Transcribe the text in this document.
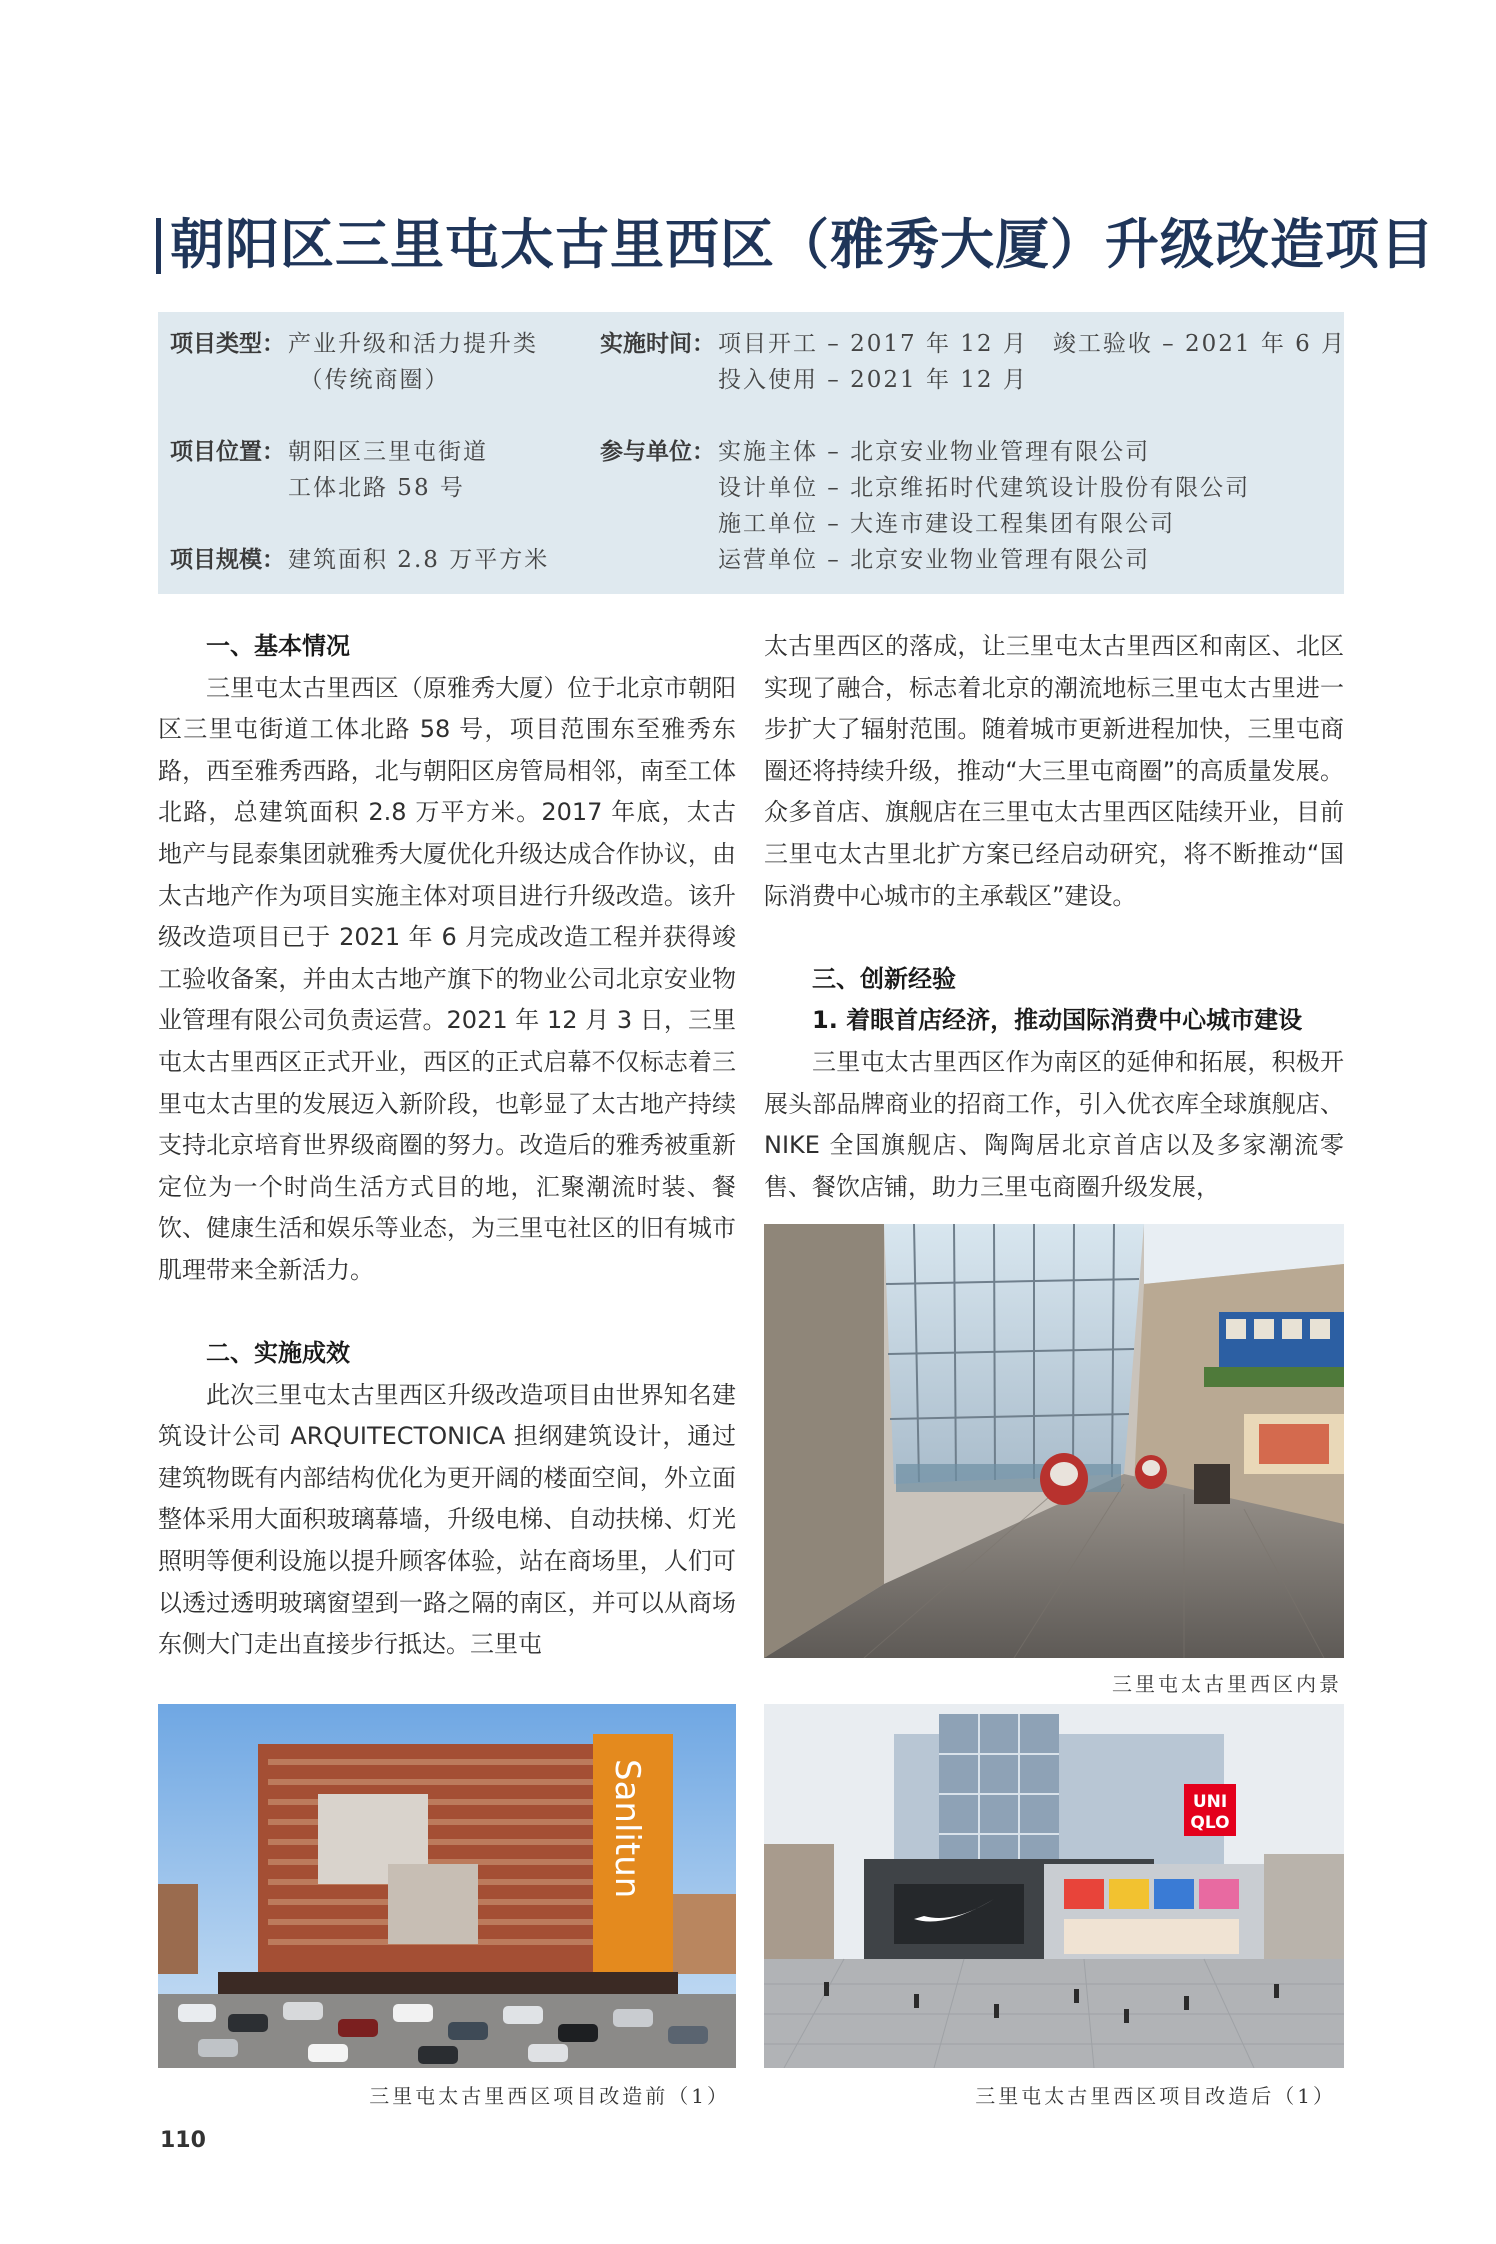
朝阳区三里屯太古里西区（雅秀大厦）升级改造项目
项目类型： 产业升级和活力提升类
（传统商圈）
实施时间： 项目开工 – 2017 年 12 月　竣工验收 – 2021 年 6 月
投入使用 – 2021 年 12 月
项目位置： 朝阳区三里屯街道
工体北路 58 号
参与单位： 实施主体 – 北京安业物业管理有限公司
设计单位 – 北京维拓时代建筑设计股份有限公司
施工单位 – 大连市建设工程集团有限公司
运营单位 – 北京安业物业管理有限公司
项目规模： 建筑面积 2.8 万平方米
一、基本情况

三里屯太古里西区（原雅秀大厦）位于北京市朝阳区三里屯街道工体北路 58 号，项目范围东至雅秀东路，西至雅秀西路，北与朝阳区房管局相邻，南至工体北路，总建筑面积 2.8 万平方米。2017 年底，太古地产与昆泰集团就雅秀大厦优化升级达成合作协议，由太古地产作为项目实施主体对项目进行升级改造。该升级改造项目已于 2021 年 6 月完成改造工程并获得竣工验收备案，并由太古地产旗下的物业公司北京安业物业管理有限公司负责运营。2021 年 12 月 3 日，三里屯太古里西区正式开业，西区的正式启幕不仅标志着三里屯太古里的发展迈入新阶段，也彰显了太古地产持续支持北京培育世界级商圈的努力。改造后的雅秀被重新定位为一个时尚生活方式目的地，汇聚潮流时装、餐饮、健康生活和娱乐等业态，为三里屯社区的旧有城市肌理带来全新活力。

二、实施成效

此次三里屯太古里西区升级改造项目由世界知名建筑设计公司 ARQUITECTONICA 担纲建筑设计，通过建筑物既有内部结构优化为更开阔的楼面空间，外立面整体采用大面积玻璃幕墙，升级电梯、自动扶梯、灯光照明等便利设施以提升顾客体验，站在商场里，人们可以透过透明玻璃窗望到一路之隔的南区，并可以从商场东侧大门走出直接步行抵达。三里屯

太古里西区的落成，让三里屯太古里西区和南区、北区实现了融合，标志着北京的潮流地标三里屯太古里进一步扩大了辐射范围。随着城市更新进程加快，三里屯商圈还将持续升级，推动“大三里屯商圈”的高质量发展。众多首店、旗舰店在三里屯太古里西区陆续开业，目前三里屯太古里北扩方案已经启动研究，将不断推动“国际消费中心城市的主承载区”建设。

三、创新经验
1. 着眼首店经济，推动国际消费中心城市建设

三里屯太古里西区作为南区的延伸和拓展，积极开展头部品牌商业的招商工作，引入优衣库全球旗舰店、NIKE 全国旗舰店、陶陶居北京首店以及多家潮流零售、餐饮店铺，助力三里屯商圈升级发展，

三里屯太古里西区内景
Sanlitun
三里屯太古里西区项目改造前（1）
UNI
QLO
三里屯太古里西区项目改造后（1）
110
